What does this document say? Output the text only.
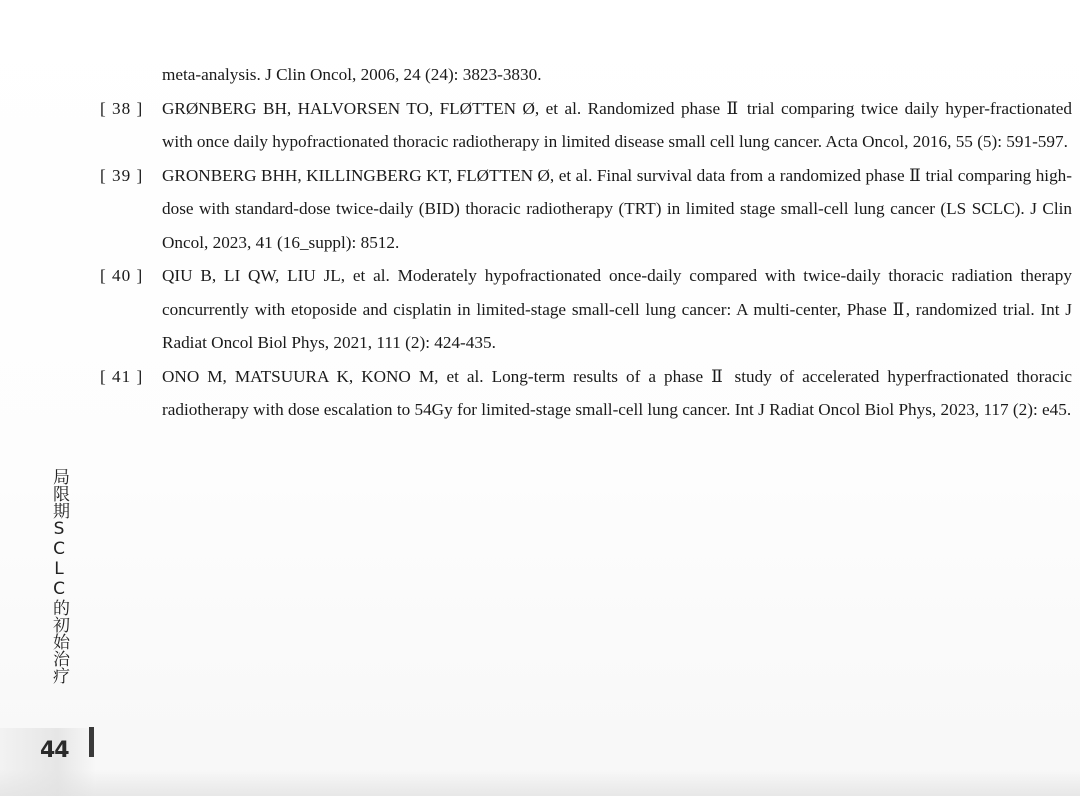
meta-analysis. J Clin Oncol, 2006, 24 (24): 3823-3830.

[ 38 ]	GRØNBERG BH, HALVORSEN TO, FLØTTEN Ø, et al. Randomized phase Ⅱ trial comparing twice daily hyper-fractionated with once daily hypofractionated thoracic radiotherapy in limited disease small cell lung cancer. Acta Oncol, 2016, 55 (5): 591-597.

[ 39 ]	GRONBERG BHH, KILLINGBERG KT, FLØTTEN Ø, et al. Final survival data from a randomized phase Ⅱ trial comparing high-dose with standard-dose twice-daily (BID) thoracic radiotherapy (TRT) in limited stage small-cell lung cancer (LS SCLC). J Clin Oncol, 2023, 41 (16_suppl): 8512.

[ 40 ]	QIU B, LI QW, LIU JL, et al. Moderately hypofractionated once-daily compared with twice-daily thoracic radiation therapy concurrently with etoposide and cisplatin in limited-stage small-cell lung cancer: A multi-center, Phase Ⅱ, randomized trial. Int J Radiat Oncol Biol Phys, 2021, 111 (2): 424-435.

[ 41 ]	ONO M, MATSUURA K, KONO M, et al. Long-term results of a phase Ⅱ study of accelerated hyperfractionated thoracic radiotherapy with dose escalation to 54Gy for limited-stage small-cell lung cancer. Int J Radiat Oncol Biol Phys, 2023, 117 (2): e45.

局限期SCLC的初始治疗
44
